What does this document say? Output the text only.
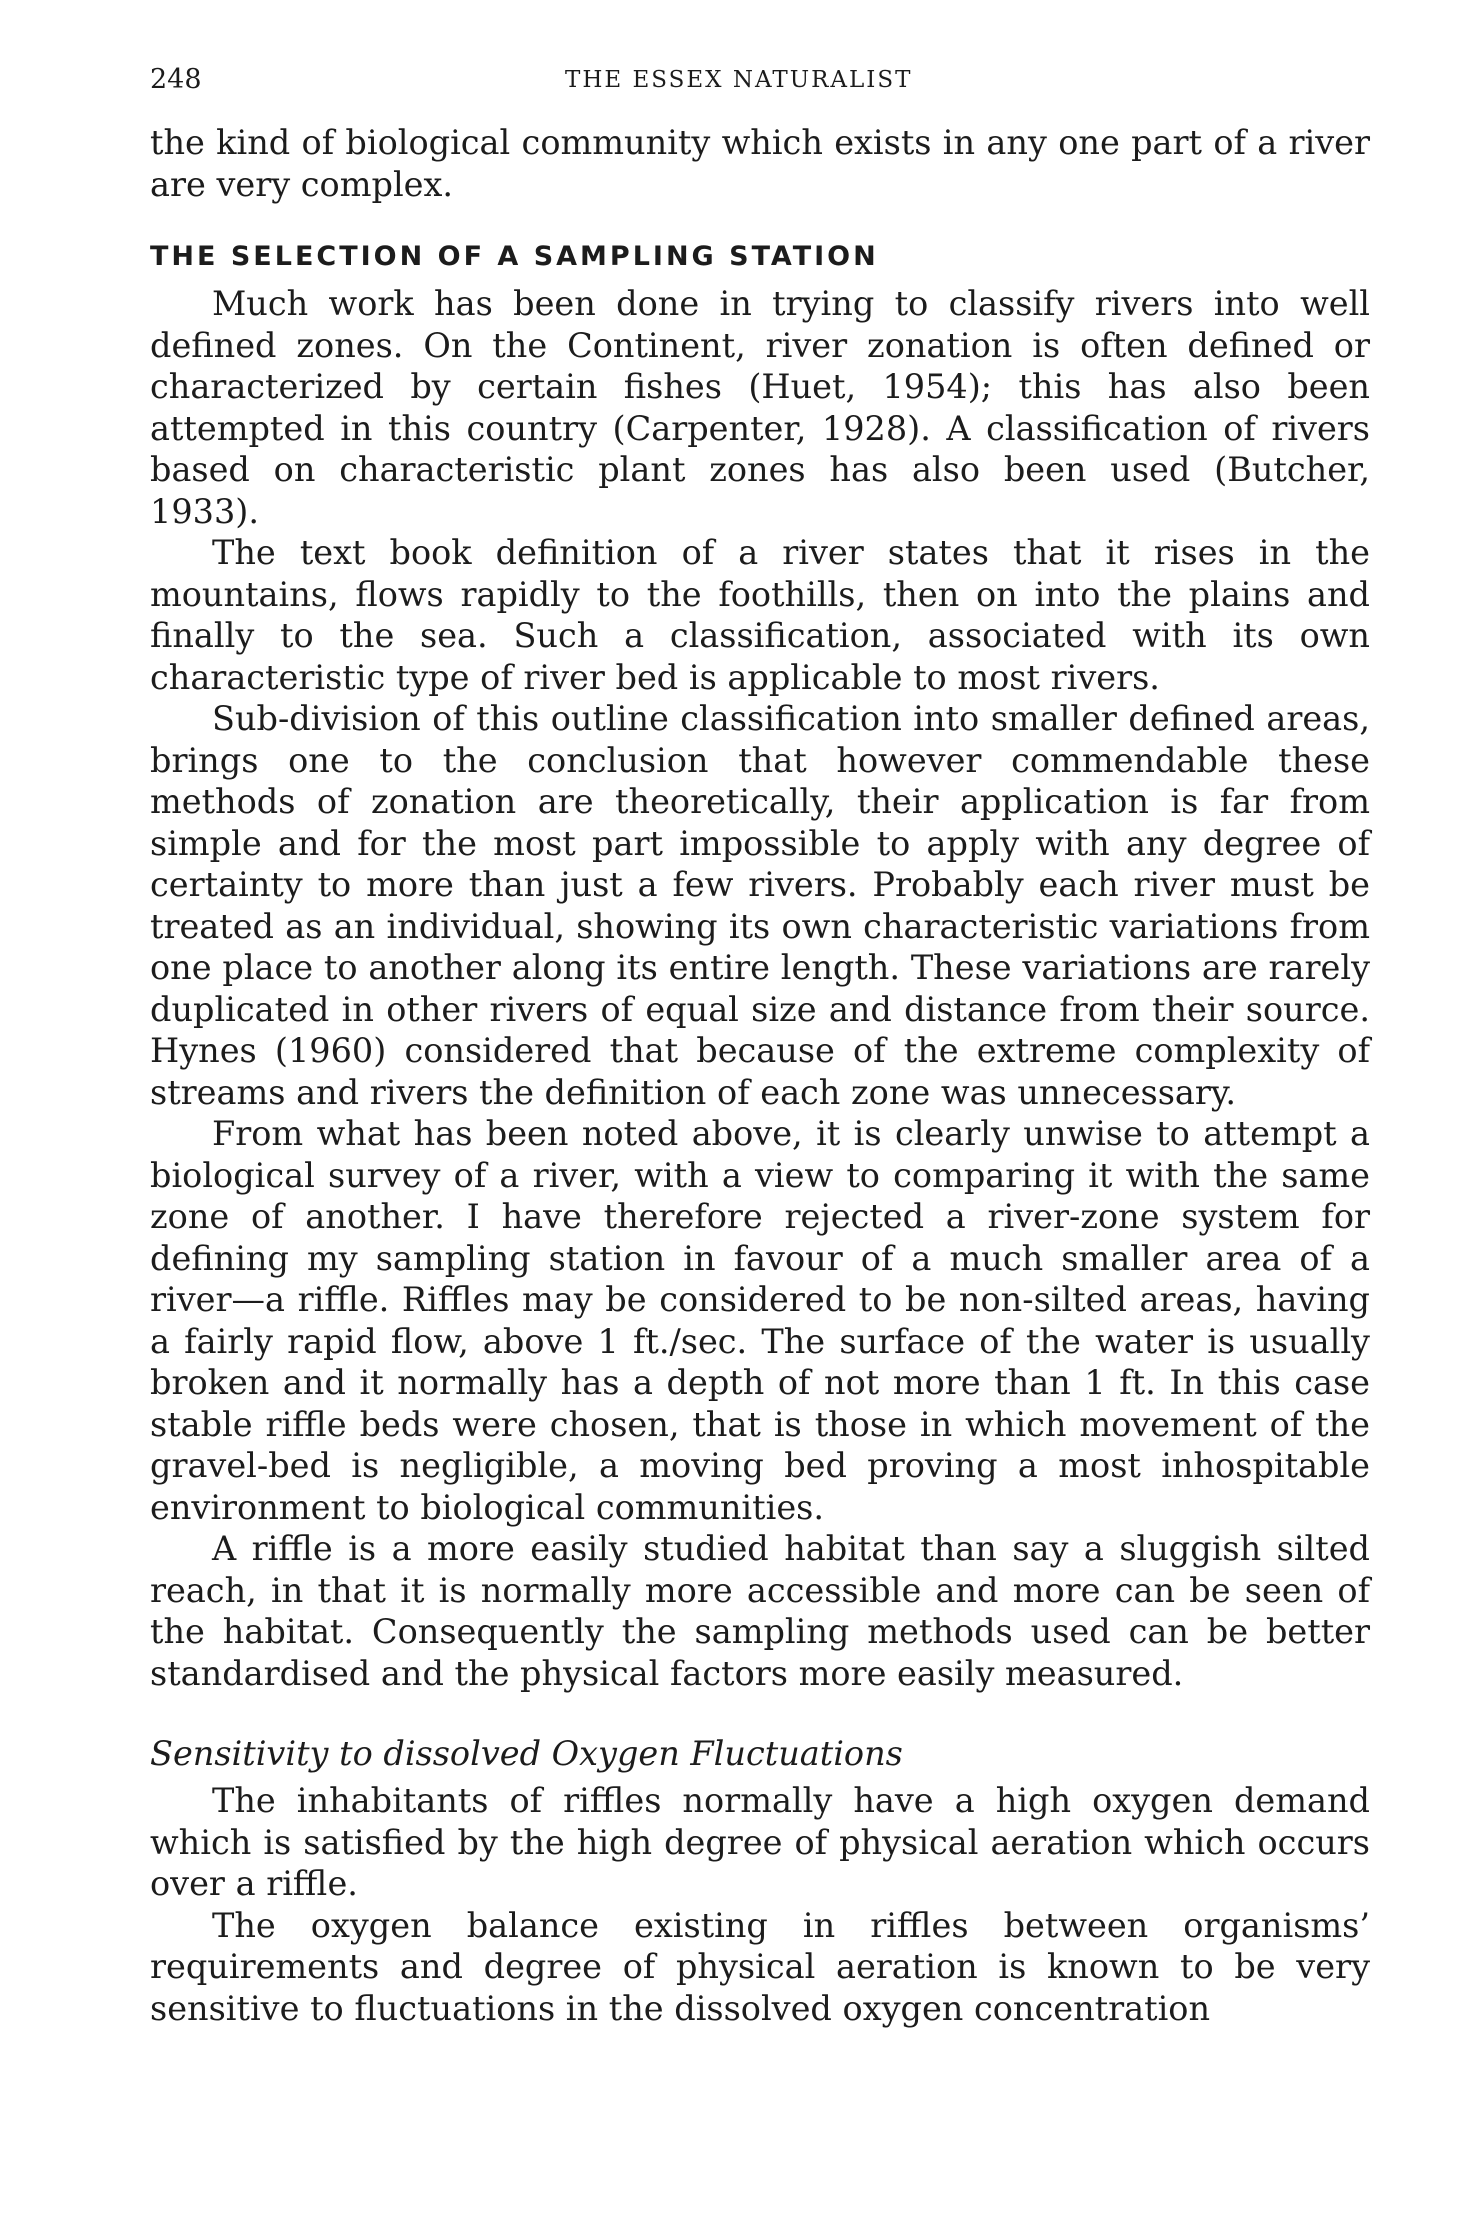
248	THE ESSEX NATURALIST

the kind of biological community which exists in any one part of a river are very complex.

THE SELECTION OF A SAMPLING STATION

Much work has been done in trying to classify rivers into well defined zones. On the Continent, river zonation is often defined or characterized by certain fishes (Huet, 1954); this has also been attempted in this country (Carpenter, 1928). A classification of rivers based on characteristic plant zones has also been used (Butcher, 1933).

The text book definition of a river states that it rises in the mountains, flows rapidly to the foothills, then on into the plains and finally to the sea. Such a classification, associated with its own characteristic type of river bed is applicable to most rivers.

Sub-division of this outline classification into smaller defined areas, brings one to the conclusion that however commendable these methods of zonation are theoretically, their application is far from simple and for the most part impossible to apply with any degree of certainty to more than just a few rivers. Probably each river must be treated as an individual, showing its own characteristic variations from one place to another along its entire length. These variations are rarely duplicated in other rivers of equal size and distance from their source. Hynes (1960) considered that because of the extreme complexity of streams and rivers the definition of each zone was unnecessary.

From what has been noted above, it is clearly unwise to attempt a biological survey of a river, with a view to comparing it with the same zone of another. I have therefore rejected a river-zone system for defining my sampling station in favour of a much smaller area of a river—a riffle. Riffles may be considered to be non-silted areas, having a fairly rapid flow, above 1 ft./sec. The surface of the water is usually broken and it normally has a depth of not more than 1 ft. In this case stable riffle beds were chosen, that is those in which movement of the gravel-bed is negligible, a moving bed proving a most inhospitable environment to biological communities.

A riffle is a more easily studied habitat than say a sluggish silted reach, in that it is normally more accessible and more can be seen of the habitat. Consequently the sampling methods used can be better standardised and the physical factors more easily measured.

Sensitivity to dissolved Oxygen Fluctuations

The inhabitants of riffles normally have a high oxygen demand which is satisfied by the high degree of physical aeration which occurs over a riffle.

The oxygen balance existing in riffles between organisms’ requirements and degree of physical aeration is known to be very sensitive to fluctuations in the dissolved oxygen concentration
